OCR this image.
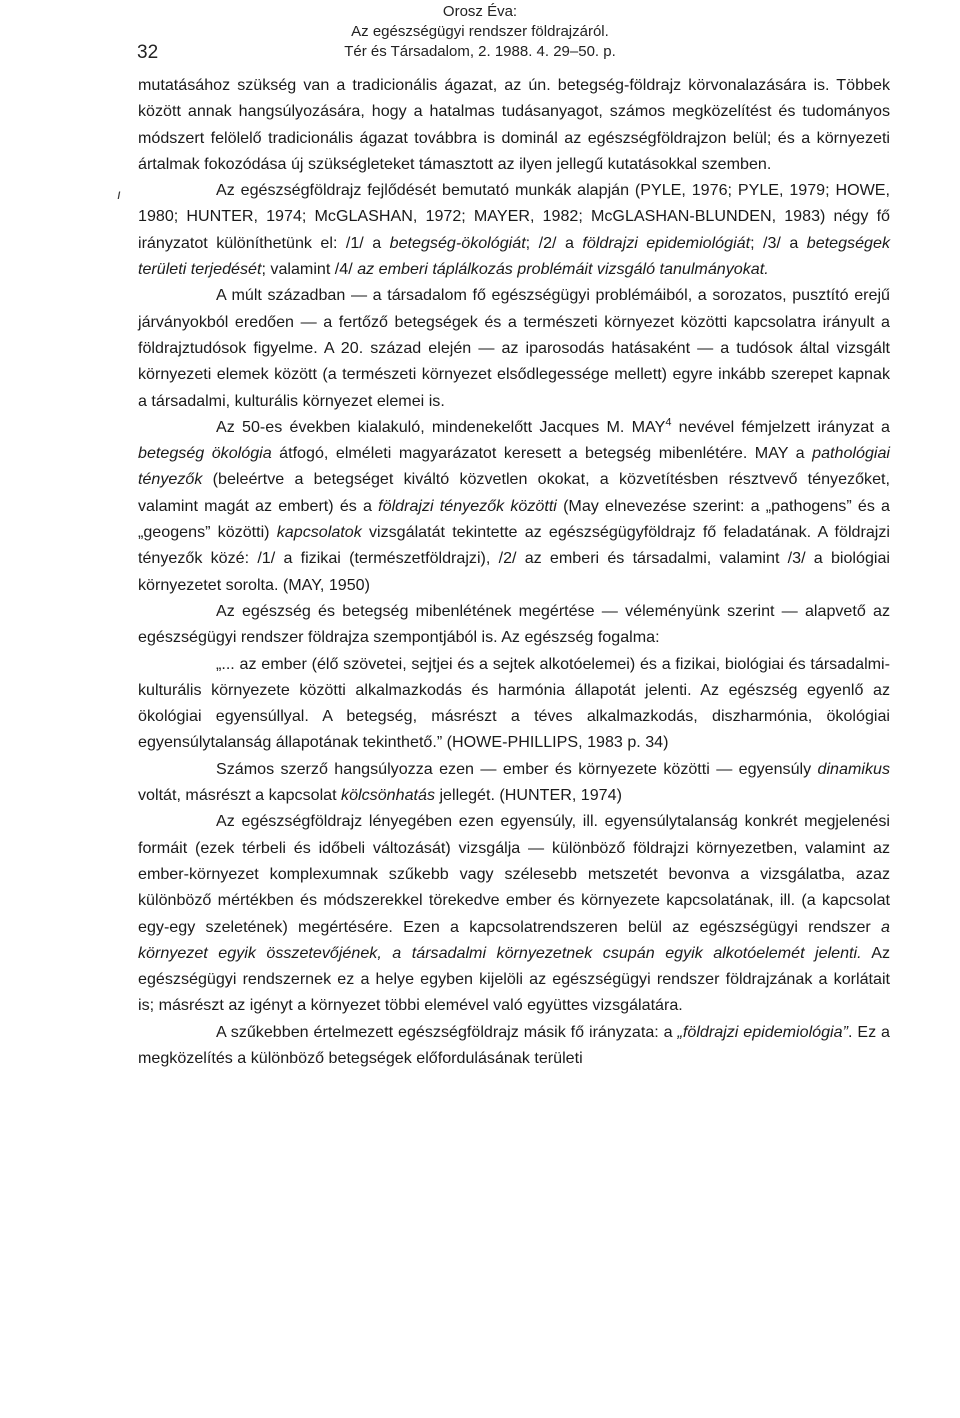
Orosz Éva:
Az egészségügyi rendszer földrajzáról.
Tér és Társadalom, 2. 1988. 4. 29–50. p.
32
ı

mutatásához szükség van a tradicionális ágazat, az ún. betegség-földrajz körvonalazására is. Többek között annak hangsúlyozására, hogy a hatalmas tudásanyagot, számos megközelítést és tudományos módszert felölelő tradicionális ágazat továbbra is dominál az egészségföldrajzon belül; és a környezeti ártalmak fokozódása új szükségleteket támasztott az ilyen jellegű kutatásokkal szemben.

Az egészségföldrajz fejlődését bemutató munkák alapján (PYLE, 1976; PYLE, 1979; HOWE, 1980; HUNTER, 1974; McGLASHAN, 1972; MAYER, 1982; McGLASHAN-BLUNDEN, 1983) négy fő irányzatot különíthetünk el: /1/ a betegség-ökológiát; /2/ a földrajzi epidemiológiát; /3/ a betegségek területi terjedését; valamint /4/ az emberi táplálkozás problémáit vizsgáló tanulmányokat.

A múlt században — a társadalom fő egészségügyi problémáiból, a sorozatos, pusztító erejű járványokból eredően — a fertőző betegségek és a természeti környezet közötti kapcsolatra irányult a földrajztudósok figyelme. A 20. század elején — az iparosodás hatásaként — a tudósok által vizsgált környezeti elemek között (a természeti környezet elsődlegessége mellett) egyre inkább szerepet kapnak a társadalmi, kulturális környezet elemei is.

Az 50-es években kialakuló, mindenekelőtt Jacques M. MAY$^4$ nevével fémjelzett irányzat a betegség ökológia átfogó, elméleti magyarázatot keresett a betegség mibenlétére. MAY a pathológiai tényezők (beleértve a betegséget kiváltó közvetlen okokat, a közvetítésben résztvevő tényezőket, valamint magát az embert) és a földrajzi tényezők közötti (May elnevezése szerint: a „pathogens” és a „geogens” közötti) kapcsolatok vizsgálatát tekintette az egészségügyföldrajz fő feladatának. A földrajzi tényezők közé: /1/ a fizikai (természetföldrajzi), /2/ az emberi és társadalmi, valamint /3/ a biológiai környezetet sorolta. (MAY, 1950)

Az egészség és betegség mibenlétének megértése — véleményünk szerint — alapvető az egészségügyi rendszer földrajza szempontjából is. Az egészség fogalma:

„... az ember (élő szövetei, sejtjei és a sejtek alkotóelemei) és a fizikai, biológiai és társadalmi-kulturális környezete közötti alkalmazkodás és harmónia állapotát jelenti. Az egészség egyenlő az ökológiai egyensúllyal. A betegség, másrészt a téves alkalmazkodás, diszharmónia, ökológiai egyensúlytalanság állapotának tekinthető.” (HOWE-PHILLIPS, 1983 p. 34)

Számos szerző hangsúlyozza ezen — ember és környezete közötti — egyensúly dinamikus voltát, másrészt a kapcsolat kölcsönhatás jellegét. (HUNTER, 1974)

Az egészségföldrajz lényegében ezen egyensúly, ill. egyensúlytalanság konkrét megjelenési formáit (ezek térbeli és időbeli változását) vizsgálja — különböző földrajzi környezetben, valamint az ember-környezet komplexumnak szűkebb vagy szélesebb metszetét bevonva a vizsgálatba, azaz különböző mértékben és módszerekkel törekedve ember és környezete kapcsolatának, ill. (a kapcsolat egy-egy szeletének) megértésére. Ezen a kapcsolatrendszeren belül az egészségügyi rendszer a környezet egyik összetevőjének, a társadalmi környezetnek csupán egyik alkotóelemét jelenti. Az egészségügyi rendszernek ez a helye egyben kijelöli az egészségügyi rendszer földrajzának a korlátait is; másrészt az igényt a környezet többi elemével való együttes vizsgálatára.

A szűkebben értelmezett egészségföldrajz másik fő irányzata: a „földrajzi epidemiológia”. Ez a megközelítés a különböző betegségek előfordulásának területi
